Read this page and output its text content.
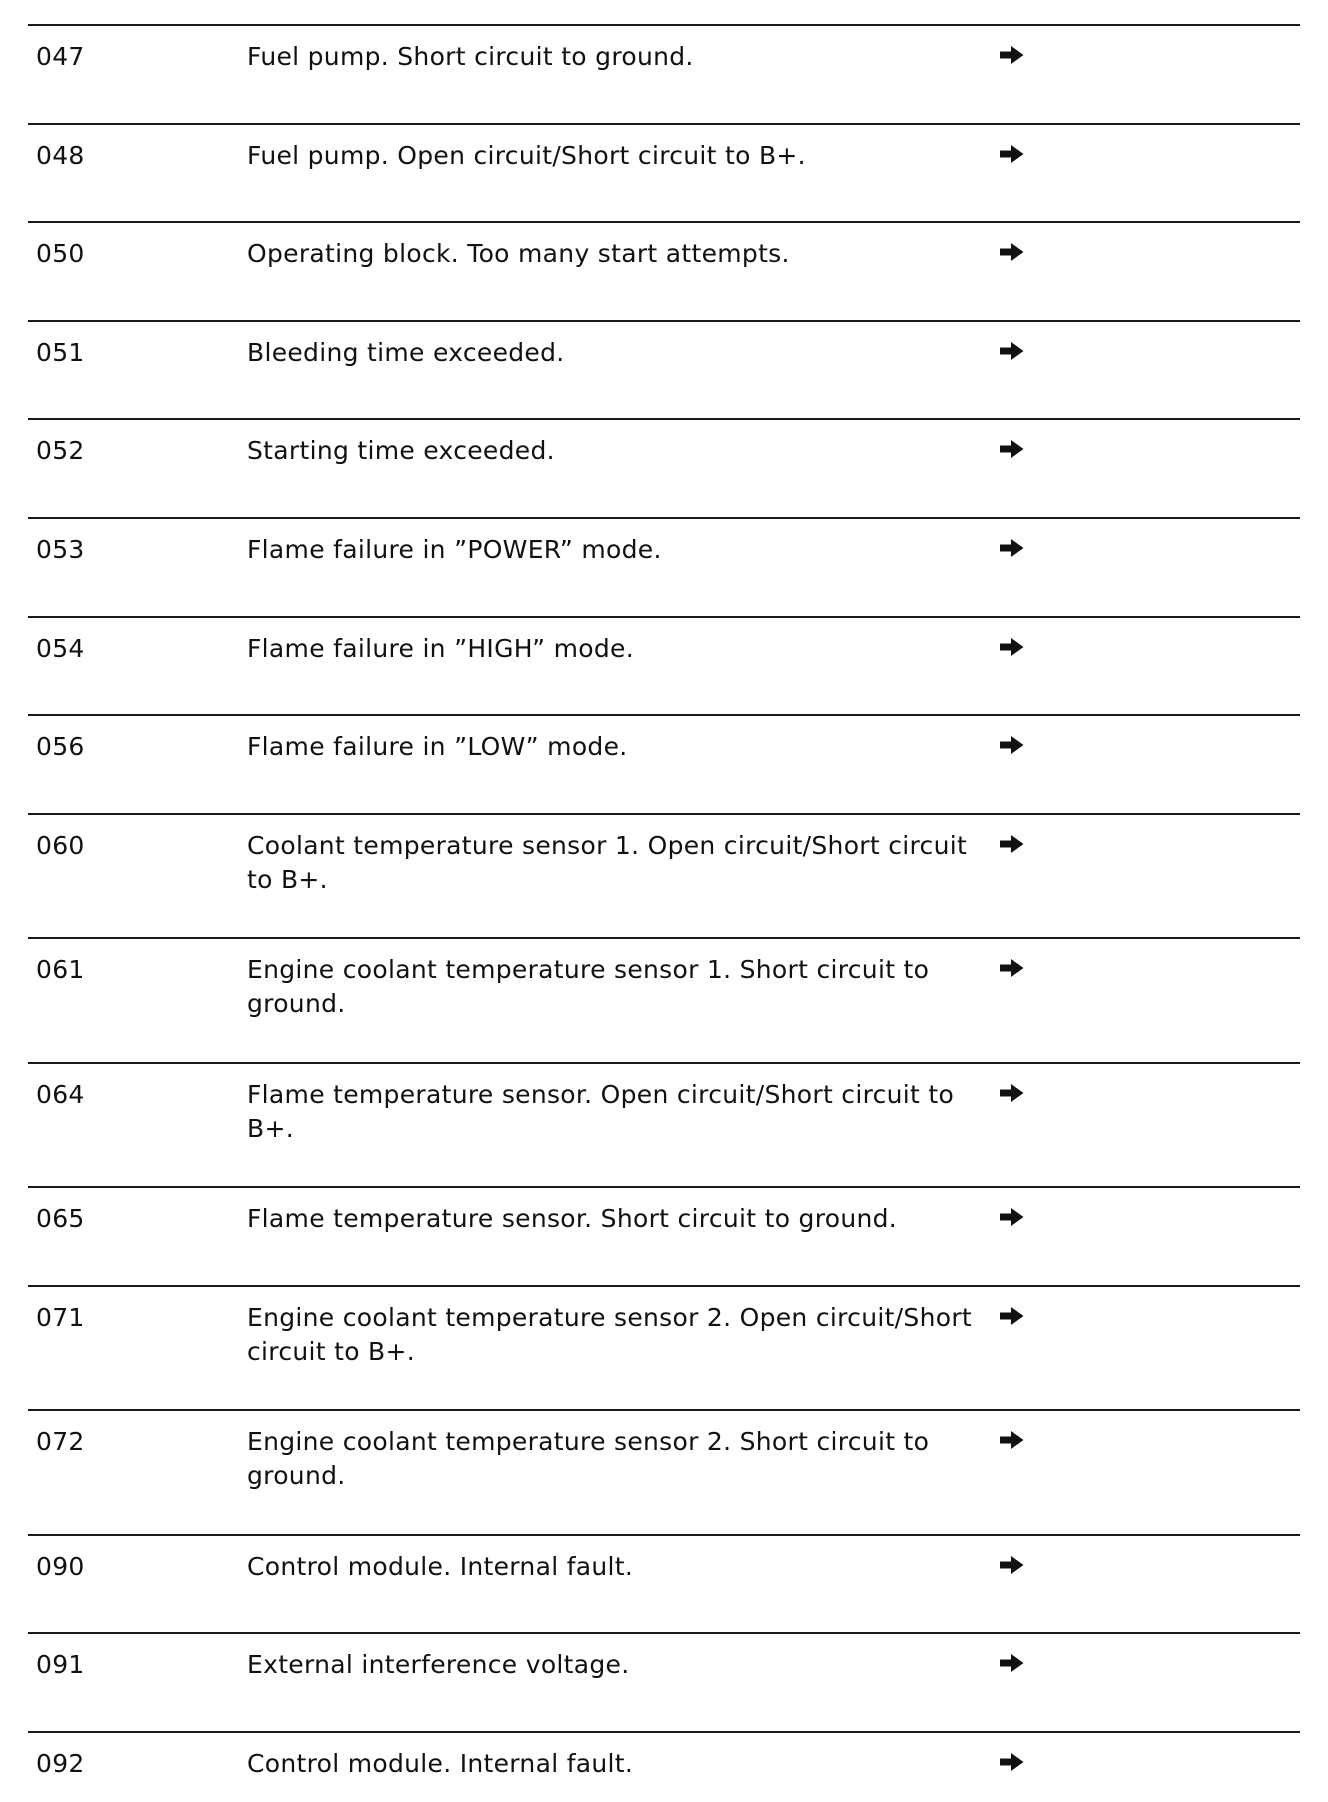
047	Fuel pump. Short circuit to ground.
048	Fuel pump. Open circuit/Short circuit to B+.
050	Operating block. Too many start attempts.
051	Bleeding time exceeded.
052	Starting time exceeded.
053	Flame failure in ”POWER” mode.
054	Flame failure in ”HIGH” mode.
056	Flame failure in ”LOW” mode.
060	Coolant temperature sensor 1. Open circuit/Short circuit to B+.
061	Engine coolant temperature sensor 1. Short circuit to ground.
064	Flame temperature sensor. Open circuit/Short circuit to B+.
065	Flame temperature sensor. Short circuit to ground.
071	Engine coolant temperature sensor 2. Open circuit/Short circuit to B+.
072	Engine coolant temperature sensor 2. Short circuit to ground.
090	Control module. Internal fault.
091	External interference voltage.
092	Control module. Internal fault.
